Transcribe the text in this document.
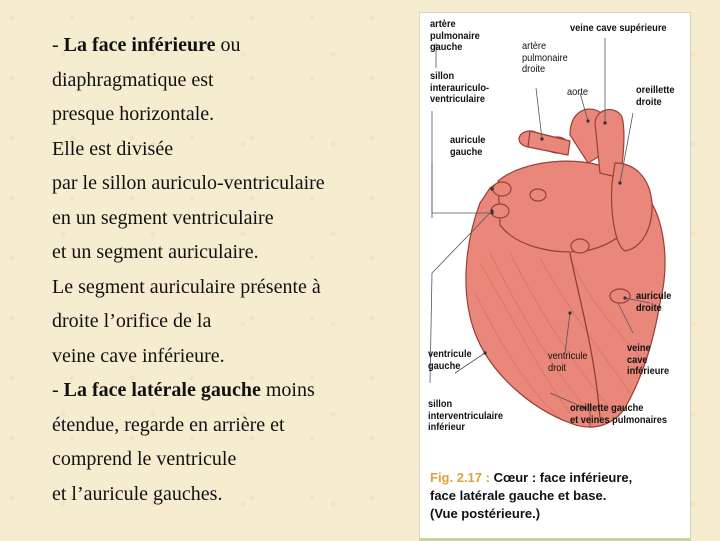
- La face inférieure ou
diaphragmatique est
presque horizontale.
Elle est divisée
par le sillon auriculo-ventriculaire
en un segment ventriculaire
et un segment auriculaire.
Le segment auriculaire présente à
droite l’orifice de la
veine cave inférieure.
- La face latérale gauche moins
étendue, regarde en arrière et
comprend le ventricule
et l’auricule gauches.
artère
pulmonaire
gauche
veine cave supérieure
artère
pulmonaire
droite
sillon
interauriculo-
ventriculaire
aorte	oreillette
droite
auricule
gauche
auricule
droite
ventricule
gauche
ventricule
droit
veine
cave
inférieure
sillon
interventriculaire
inférieur
oreillette gauche
et veines pulmonaires
Fig. 2.17 : Cœur : face inférieure,
face latérale gauche et base.
(Vue postérieure.)
